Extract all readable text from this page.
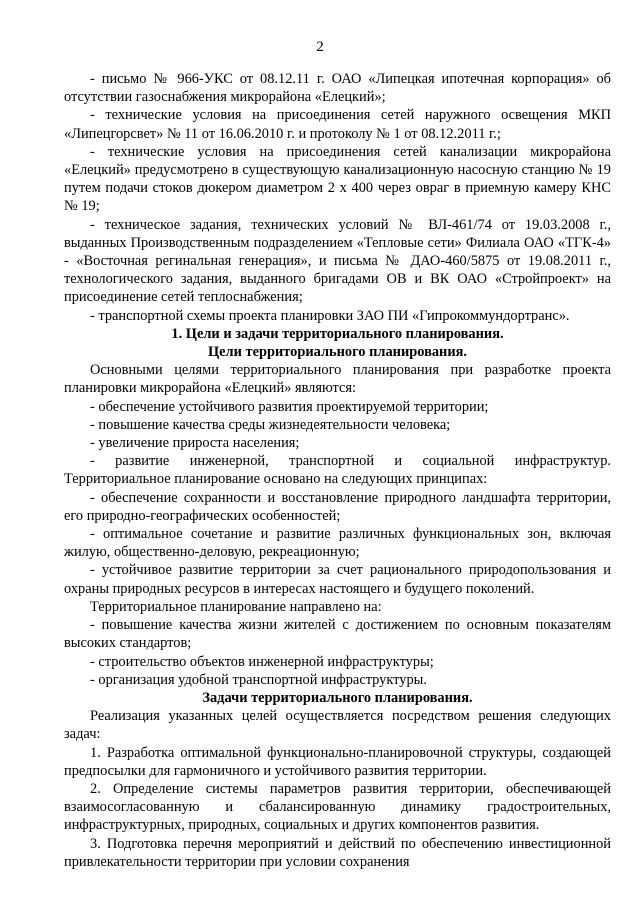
2

- письмо № 966-УКС от 08.12.11 г. ОАО «Липецкая ипотечная корпорация» об отсутствии газоснабжения микрорайона «Елецкий»;

- технические условия на присоединения сетей наружного освещения МКП «Липецгорсвет» № 11 от 16.06.2010 г. и протоколу № 1 от 08.12.2011 г.;

- технические условия на присоединения сетей канализации микрорайона «Елецкий» предусмотрено в существующую канализационную насосную станцию № 19 путем подачи стоков дюкером диаметром 2 х 400 через овраг в приемную камеру КНС № 19;

- техническое задания, технических условий № ВЛ-461/74 от 19.03.2008 г., выданных Производственным подразделением «Тепловые сети» Филиала ОАО «ТГК-4» - «Восточная регинальная генерация», и письма № ДАО-460/5875 от 19.08.2011 г., технологического задания, выданного бригадами ОВ и ВК ОАО «Стройпроект» на присоединение сетей теплоснабжения;

- транспортной схемы проекта планировки ЗАО ПИ «Гипрокоммундортранс».

1. Цели и задачи территориального планирования.

Цели территориального планирования.

Основными целями территориального планирования при разработке проекта планировки микрорайона «Елецкий» являются:

- обеспечение устойчивого развития проектируемой территории;

- повышение качества среды жизнедеятельности человека;

- увеличение прироста населения;

- развитие инженерной, транспортной и социальной инфраструктур. Территориальное планирование основано на следующих принципах:

- обеспечение сохранности и восстановление природного ландшафта территории, его природно-географических особенностей;

- оптимальное сочетание и развитие различных функциональных зон, включая жилую, общественно-деловую, рекреационную;

- устойчивое развитие территории за счет рационального природопользования и охраны природных ресурсов в интересах настоящего и будущего поколений.

Территориальное планирование направлено на:

- повышение качества жизни жителей с достижением по основным показателям высоких стандартов;

- строительство объектов инженерной инфраструктуры;

- организация удобной транспортной инфраструктуры.

Задачи территориального планирования.

Реализация указанных целей осуществляется посредством решения следующих задач:

1. Разработка оптимальной функционально-планировочной структуры, создающей предпосылки для гармоничного и устойчивого развития территории.

2. Определение системы параметров развития территории, обеспечивающей взаимосогласованную и сбалансированную динамику градостроительных, инфраструктурных, природных, социальных и других компонентов развития.

3. Подготовка перечня мероприятий и действий по обеспечению инвестиционной привлекательности территории при условии сохранения
